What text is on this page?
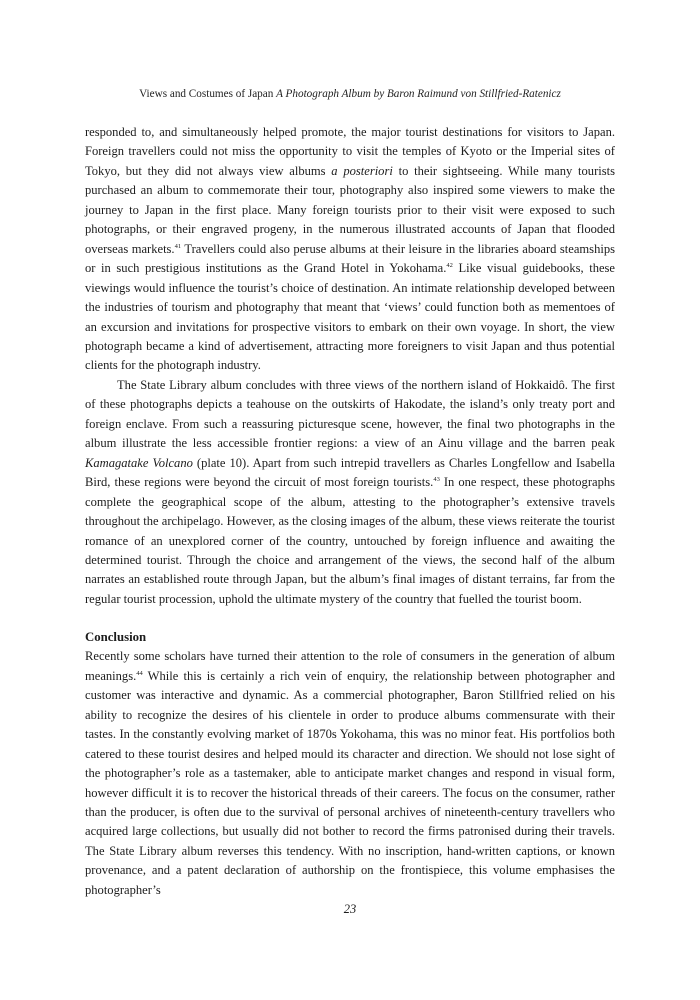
Views and Costumes of Japan A Photograph Album by Baron Raimund von Stillfried-Ratenicz

responded to, and simultaneously helped promote, the major tourist destinations for visitors to Japan. Foreign travellers could not miss the opportunity to visit the temples of Kyoto or the Imperial sites of Tokyo, but they did not always view albums a posteriori to their sightseeing. While many tourists purchased an album to commemorate their tour, photography also inspired some viewers to make the journey to Japan in the first place. Many foreign tourists prior to their visit were exposed to such photographs, or their engraved progeny, in the numerous illustrated accounts of Japan that flooded overseas markets.$^{41}$ Travellers could also peruse albums at their leisure in the libraries aboard steamships or in such prestigious institutions as the Grand Hotel in Yokohama.$^{42}$ Like visual guidebooks, these viewings would influence the tourist’s choice of destination. An intimate relationship developed between the industries of tourism and photography that meant that ‘views’ could function both as mementoes of an excursion and invitations for prospective visitors to embark on their own voyage. In short, the view photograph became a kind of advertisement, attracting more foreigners to visit Japan and thus potential clients for the photograph industry.

The State Library album concludes with three views of the northern island of Hokkaidô. The first of these photographs depicts a teahouse on the outskirts of Hakodate, the island’s only treaty port and foreign enclave. From such a reassuring picturesque scene, however, the final two photographs in the album illustrate the less accessible frontier regions: a view of an Ainu village and the barren peak Kamagatake Volcano (plate 10). Apart from such intrepid travellers as Charles Longfellow and Isabella Bird, these regions were beyond the circuit of most foreign tourists.$^{43}$ In one respect, these photographs complete the geographical scope of the album, attesting to the photographer’s extensive travels throughout the archipelago. However, as the closing images of the album, these views reiterate the tourist romance of an unexplored corner of the country, untouched by foreign influence and awaiting the determined tourist. Through the choice and arrangement of the views, the second half of the album narrates an established route through Japan, but the album’s final images of distant terrains, far from the regular tourist procession, uphold the ultimate mystery of the country that fuelled the tourist boom.

Conclusion

Recently some scholars have turned their attention to the role of consumers in the generation of album meanings.$^{44}$ While this is certainly a rich vein of enquiry, the relationship between photographer and customer was interactive and dynamic. As a commercial photographer, Baron Stillfried relied on his ability to recognize the desires of his clientele in order to produce albums commensurate with their tastes. In the constantly evolving market of 1870s Yokohama, this was no minor feat. His portfolios both catered to these tourist desires and helped mould its character and direction. We should not lose sight of the photographer’s role as a tastemaker, able to anticipate market changes and respond in visual form, however difficult it is to recover the historical threads of their careers. The focus on the consumer, rather than the producer, is often due to the survival of personal archives of nineteenth-century travellers who acquired large collections, but usually did not bother to record the firms patronised during their travels. The State Library album reverses this tendency. With no inscription, hand-written captions, or known provenance, and a patent declaration of authorship on the frontispiece, this volume emphasises the photographer’s

23
